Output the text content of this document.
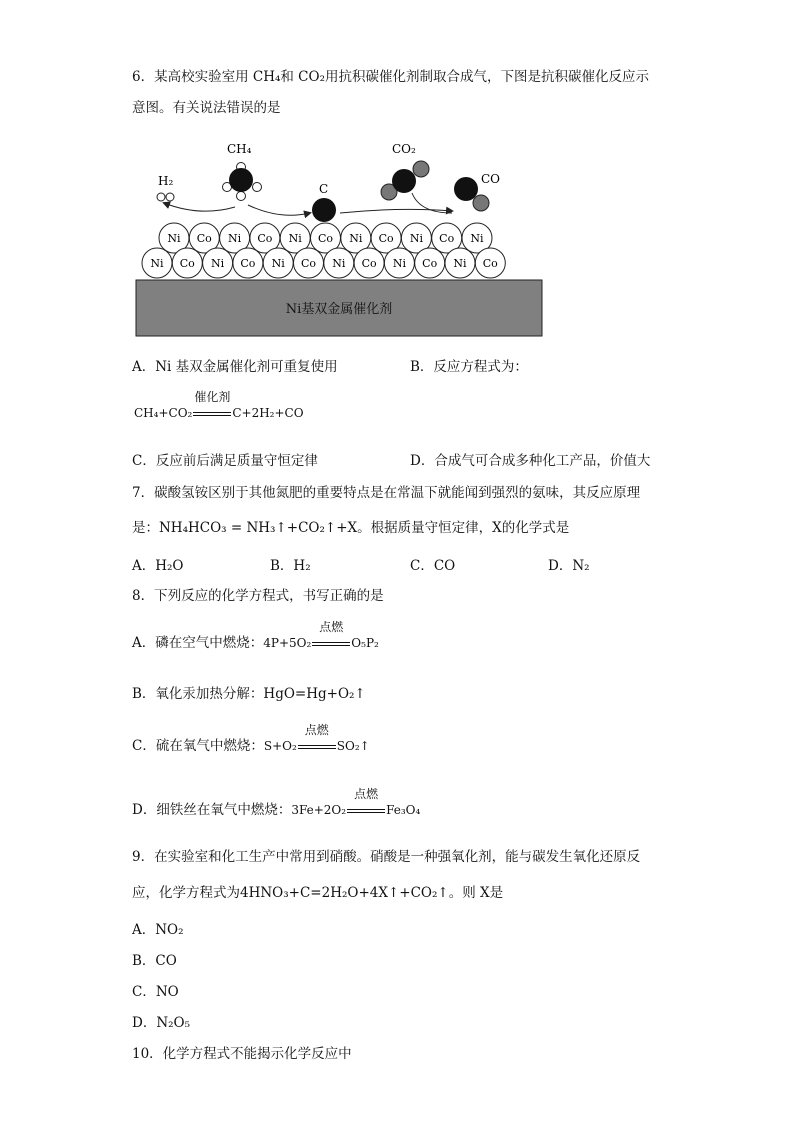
6．某高校实验室用 CH₄和 CO₂用抗积碳催化剂制取合成气，下图是抗积碳催化反应示
意图。有关说法错误的是
H₂
CH₄
C
CO₂
CO
Ni Co Ni Co Ni Co Ni Co Ni Co Ni
Ni Co Ni Co Ni Co Ni Co Ni Co Ni Co
Ni基双金属催化剂
A．Ni 基双金属催化剂可重复使用	B．反应方程式为：
CH₄+CO₂
催化剂
C+2H₂+CO
C．反应前后满足质量守恒定律	D．合成气可合成多种化工产品，价值大
7．碳酸氢铵区别于其他氮肥的重要特点是在常温下就能闻到强烈的氨味，其反应原理
是：NH₄HCO₃ = NH₃↑+CO₂↑+X。根据质量守恒定律，X的化学式是
A．H₂O	B．H₂	C．CO	D．N₂
8．下列反应的化学方程式，书写正确的是
A．磷在空气中燃烧：4P+5O₂
点燃
O₅P₂
B．氧化汞加热分解：HgO=Hg+O₂↑
C．硫在氧气中燃烧：S+O₂
点燃
SO₂↑
D．细铁丝在氧气中燃烧：3Fe+2O₂
点燃
Fe₃O₄
9．在实验室和化工生产中常用到硝酸。硝酸是一种强氧化剂，能与碳发生氧化还原反
应，化学方程式为4HNO₃+C=2H₂O+4X↑+CO₂↑。则 X是
A．NO₂
B．CO
C．NO
D．N₂O₅
10．化学方程式不能揭示化学反应中
